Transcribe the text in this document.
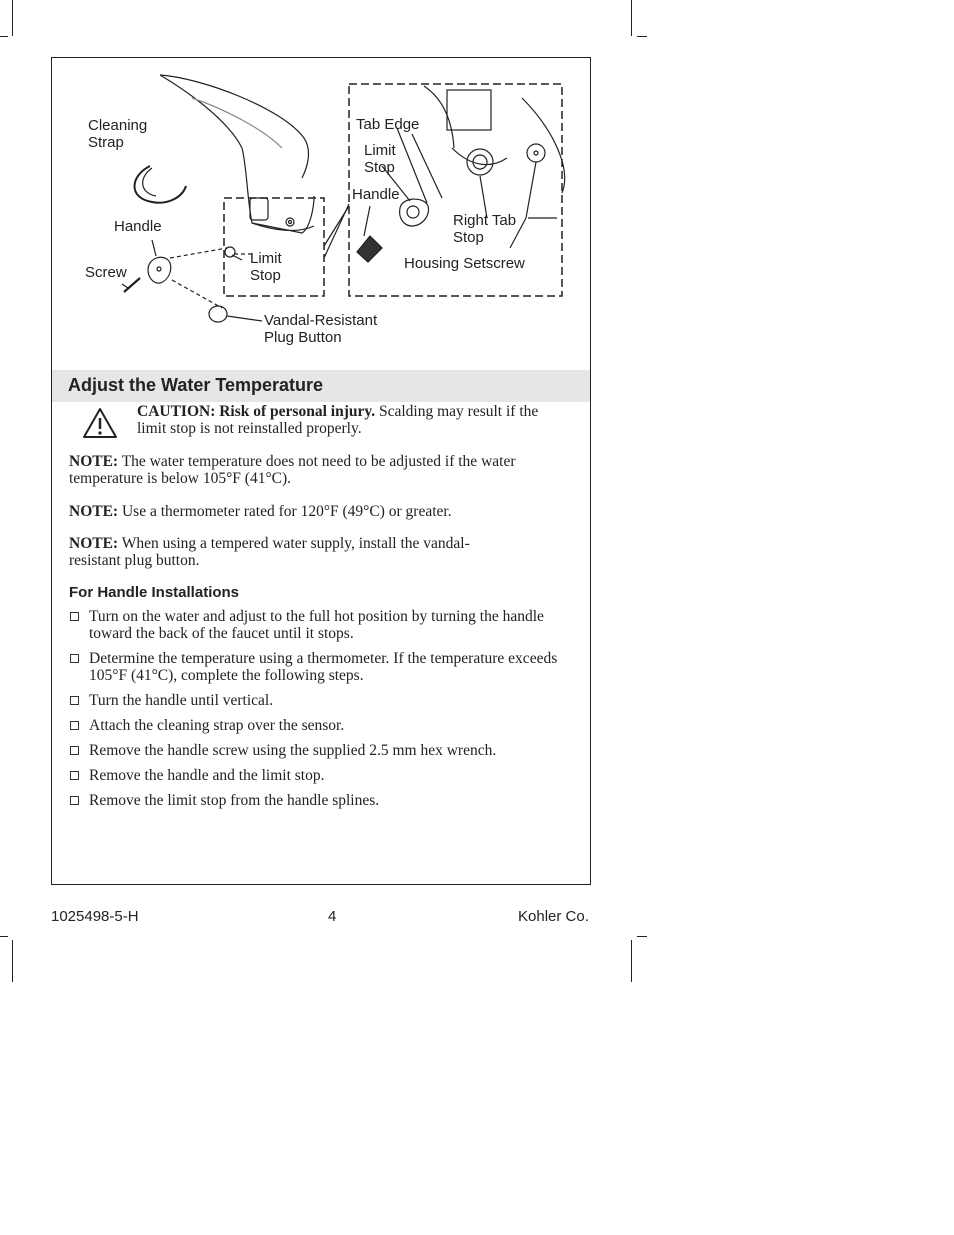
Cleaning
Strap
Handle
Screw
Limit
Stop
Vandal-Resistant
Plug Button
Tab Edge
Limit
Stop
Handle
Right Tab
Stop
Housing Setscrew
Adjust the Water Temperature
CAUTION: Risk of personal injury. Scalding may result if the limit stop is not reinstalled properly.
NOTE: The water temperature does not need to be adjusted if the water temperature is below 105°F (41°C).
NOTE: Use a thermometer rated for 120°F (49°C) or greater.
NOTE: When using a tempered water supply, install the vandal-resistant plug button.
For Handle Installations
Turn on the water and adjust to the full hot position by turning the handle toward the back of the faucet until it stops.
Determine the temperature using a thermometer. If the temperature exceeds 105°F (41°C), complete the following steps.
Turn the handle until vertical.
Attach the cleaning strap over the sensor.
Remove the handle screw using the supplied 2.5 mm hex wrench.
Remove the handle and the limit stop.
Remove the limit stop from the handle splines.
1025498-5-H	4	Kohler Co.
